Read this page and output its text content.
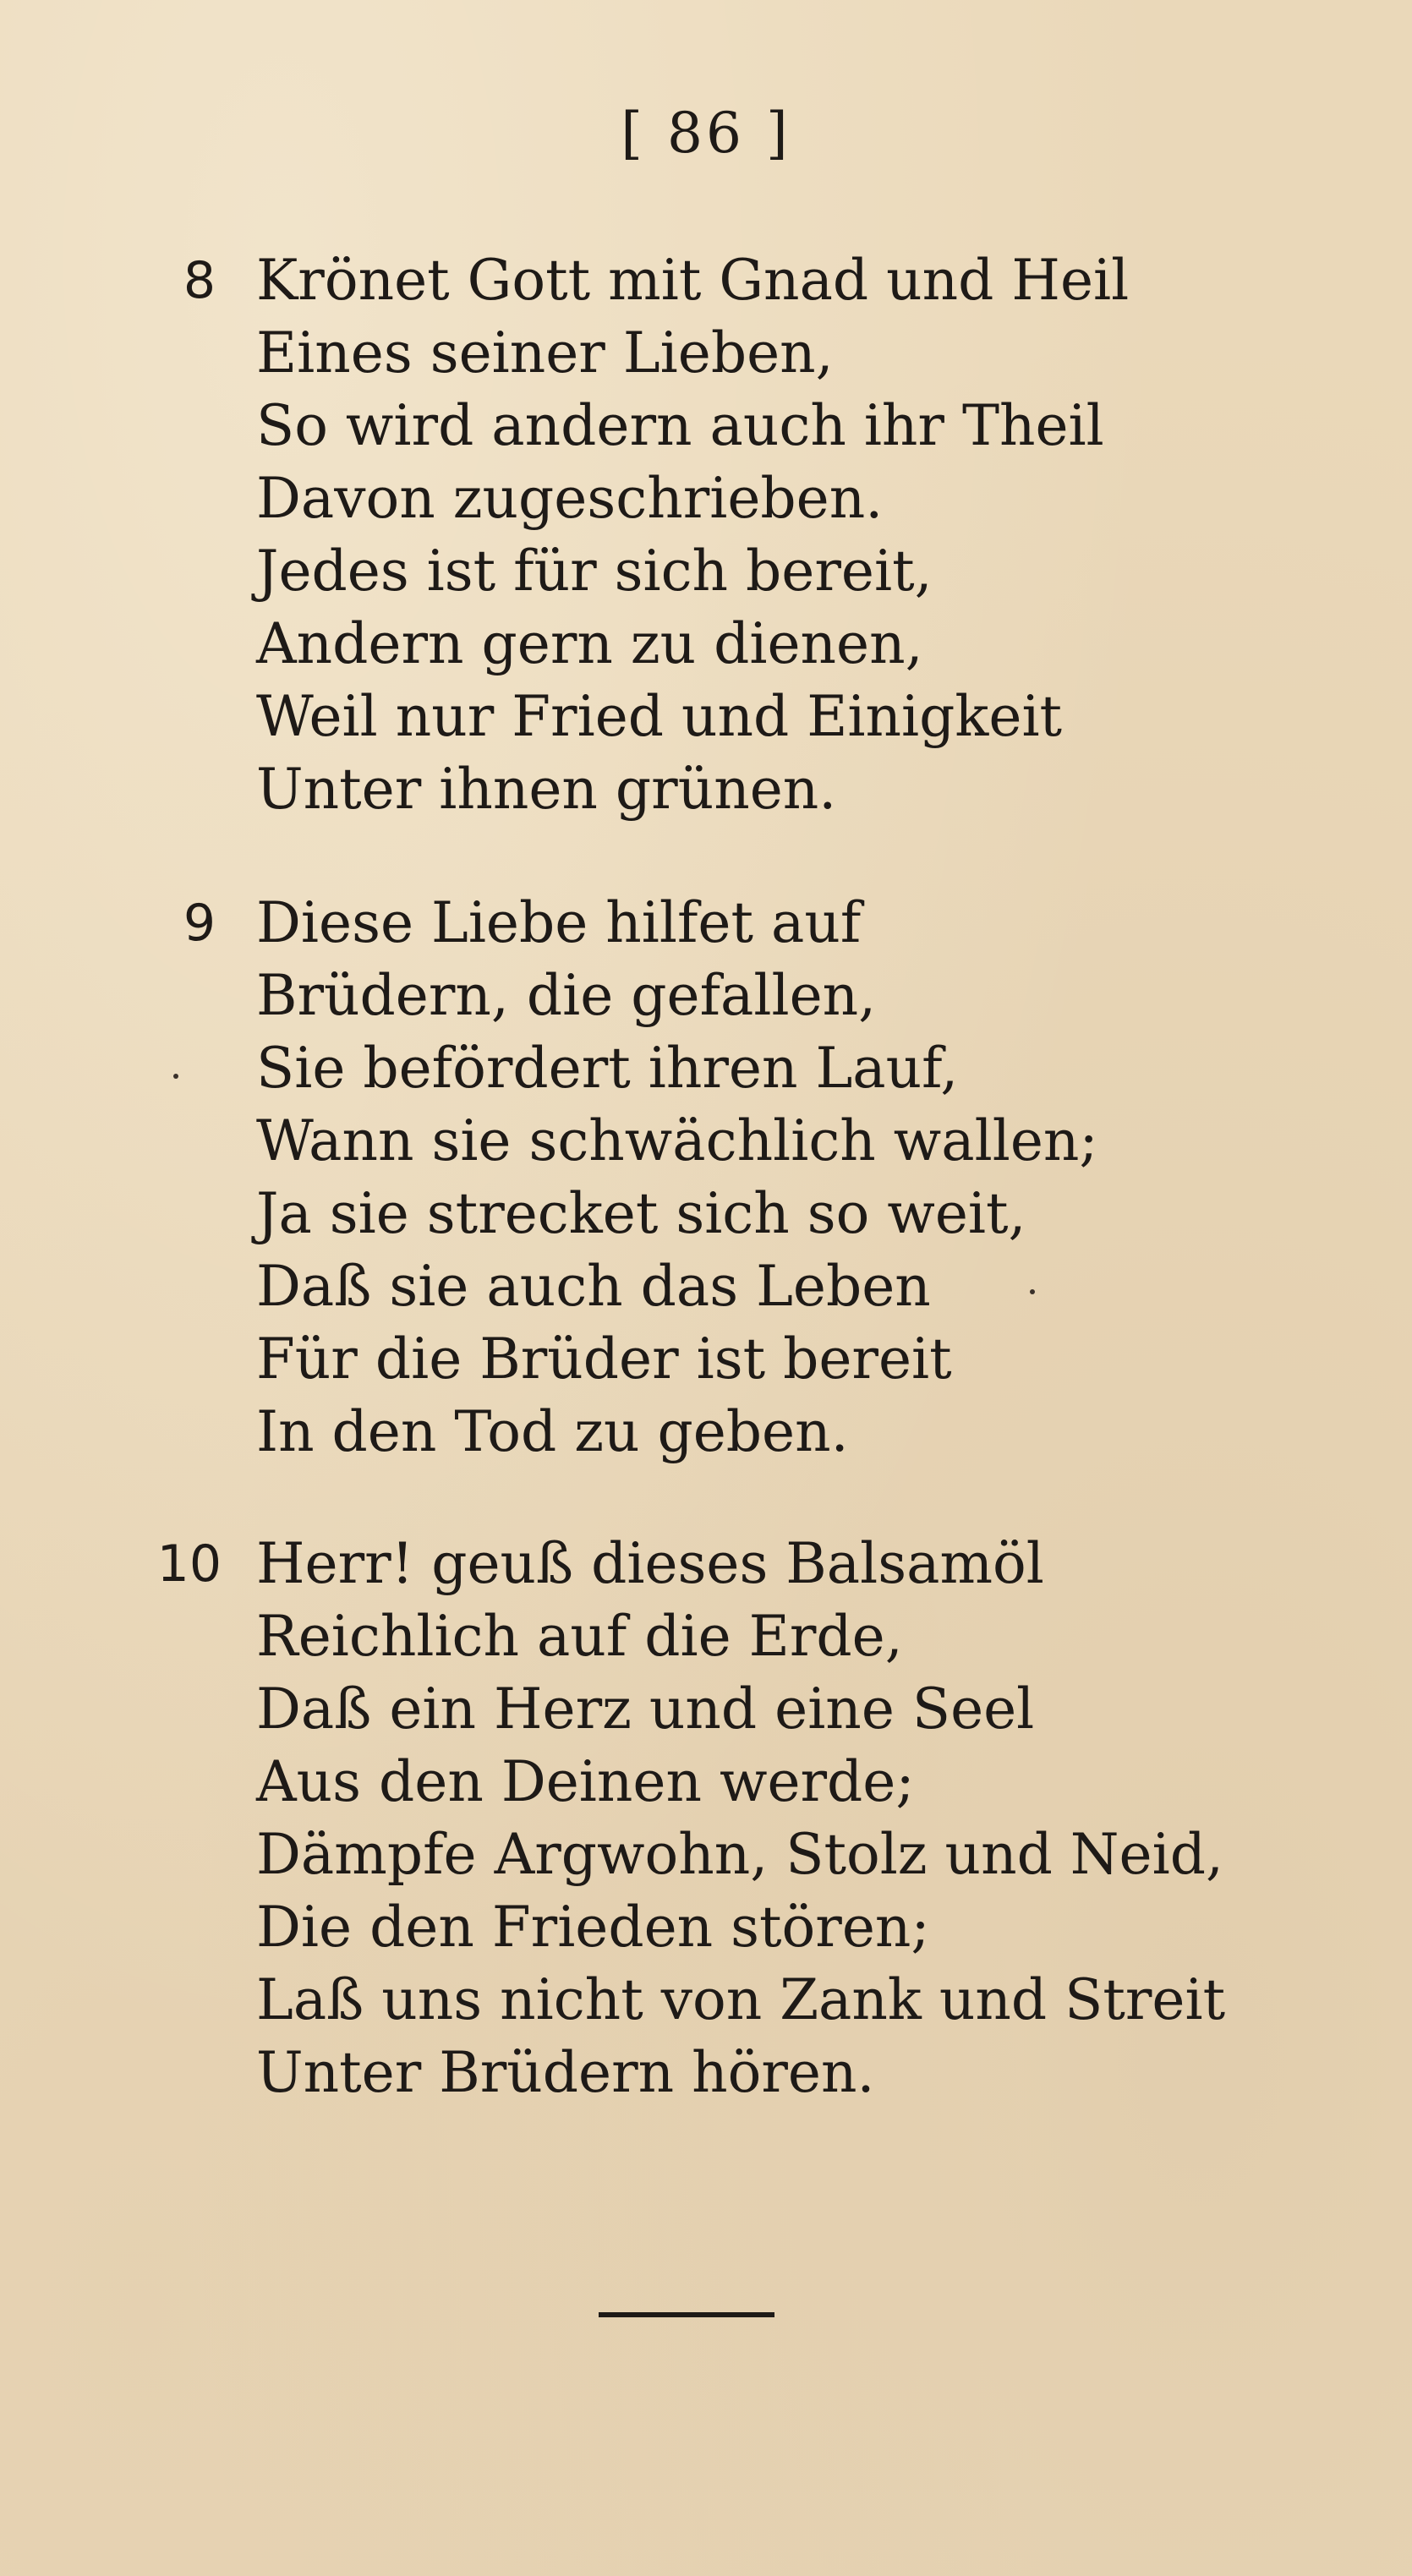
[ 86 ]
8 Krönet Gott mit Gnad und Heil
Eines seiner Lieben,
So wird andern auch ihr Theil
Davon zugeschrieben.
Jedes ist für sich bereit,
Andern gern zu dienen,
Weil nur Fried und Einigkeit
Unter ihnen grünen.
9 Diese Liebe hilfet auf
Brüdern, die gefallen,
Sie befördert ihren Lauf,
Wann sie schwächlich wallen;
Ja sie strecket sich so weit,
Daß sie auch das Leben
Für die Brüder ist bereit
In den Tod zu geben.
10 Herr! geuß dieses Balsamöl
Reichlich auf die Erde,
Daß ein Herz und eine Seel
Aus den Deinen werde;
Dämpfe Argwohn, Stolz und Neid,
Die den Frieden stören;
Laß uns nicht von Zank und Streit
Unter Brüdern hören.
